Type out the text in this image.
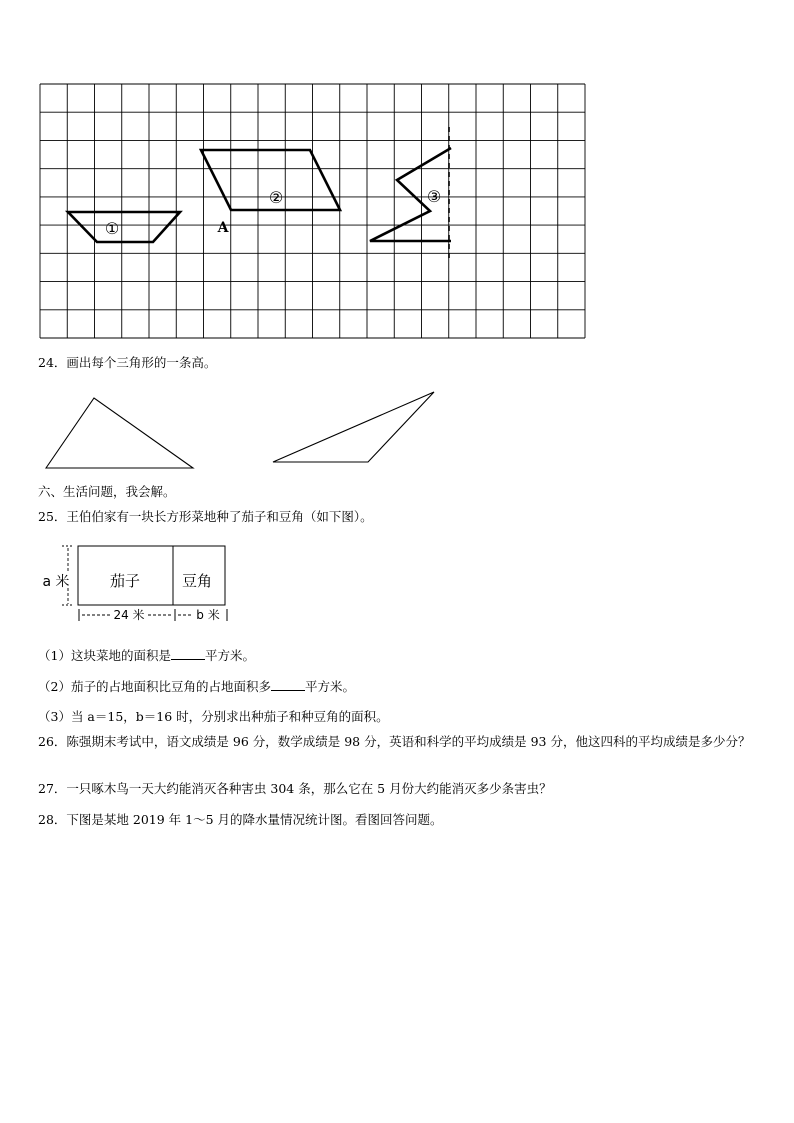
①
②
A
③
24．画出每个三角形的一条高。
六、生活问题，我会解。
25．王伯伯家有一块长方形菜地种了茄子和豆角（如下图）。
a 米	茄子	豆角
24 米	b 米
（1）这块菜地的面积是	平方米。
（2）茄子的占地面积比豆角的占地面积多	平方米。
（3）当 a＝15，b＝16 时，分别求出种茄子和种豆角的面积。
26．陈强期末考试中，语文成绩是 96 分，数学成绩是 98 分，英语和科学的平均成绩是 93 分，他这四科的平均成绩是多少分？
27．一只啄木鸟一天大约能消灭各种害虫 304 条，那么它在 5 月份大约能消灭多少条害虫？
28．下图是某地 2019 年 1～5 月的降水量情况统计图。看图回答问题。
